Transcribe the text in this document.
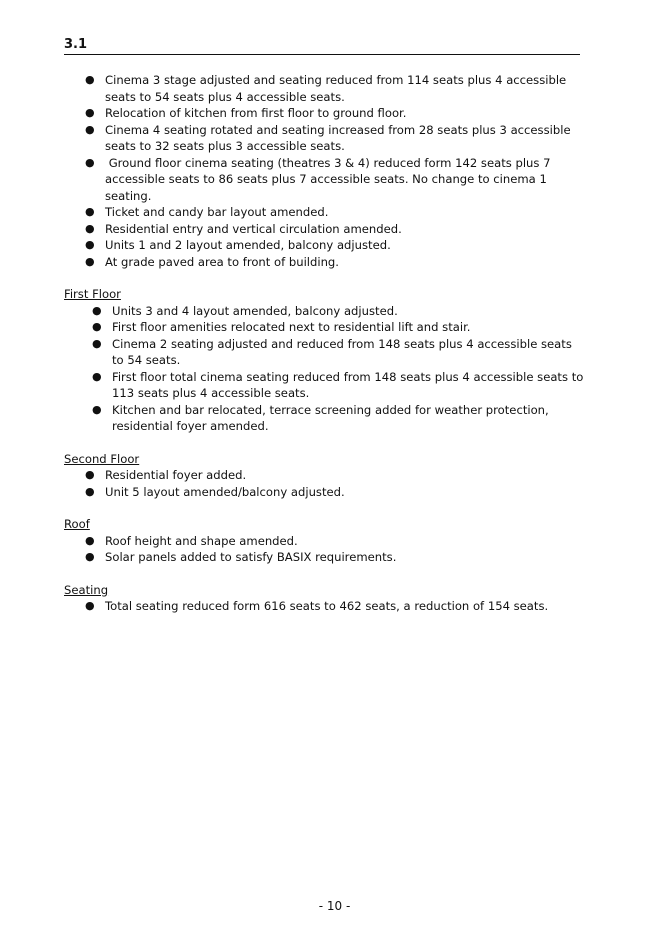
3.1
● Cinema 3 stage adjusted and seating reduced from 114 seats plus 4 accessible seats to 54 seats plus 4 accessible seats.
● Relocation of kitchen from first floor to ground floor.
● Cinema 4 seating rotated and seating increased from 28 seats plus 3 accessible seats to 32 seats plus 3 accessible seats.
● Ground floor cinema seating (theatres 3 & 4) reduced form 142 seats plus 7 accessible seats to 86 seats plus 7 accessible seats. No change to cinema 1 seating.
● Ticket and candy bar layout amended.
● Residential entry and vertical circulation amended.
● Units 1 and 2 layout amended, balcony adjusted.
● At grade paved area to front of building.
First Floor
● Units 3 and 4 layout amended, balcony adjusted.
● First floor amenities relocated next to residential lift and stair.
● Cinema 2 seating adjusted and reduced from 148 seats plus 4 accessible seats to 54 seats.
● First floor total cinema seating reduced from 148 seats plus 4 accessible seats to 113 seats plus 4 accessible seats.
● Kitchen and bar relocated, terrace screening added for weather protection, residential foyer amended.
Second Floor
● Residential foyer added.
● Unit 5 layout amended/balcony adjusted.
Roof
● Roof height and shape amended.
● Solar panels added to satisfy BASIX requirements.
Seating
● Total seating reduced form 616 seats to 462 seats, a reduction of 154 seats.
- 10 -
